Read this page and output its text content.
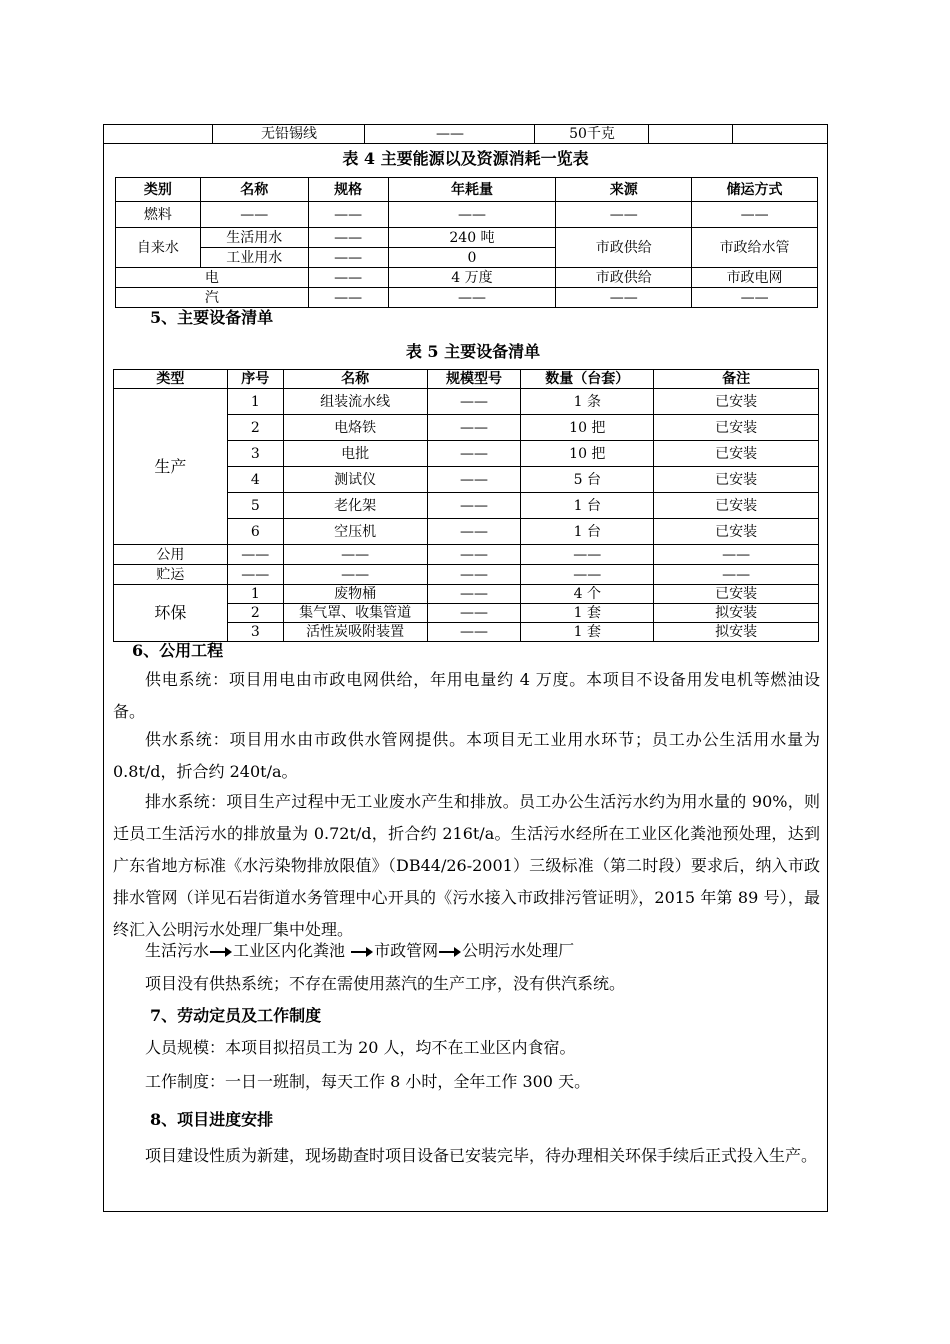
无铅锡线	——	50千克
表 4 主要能源以及资源消耗一览表
类别	名称	规格	年耗量	来源	储运方式
燃料	——	——	——	——	——
自来水	生活用水	——	240 吨	市政供给	市政给水管
	工业用水	——	0		
电		——	4 万度	市政供给	市政电网
汽		——	——	——	——
5、主要设备清单
表 5 主要设备清单
类型	序号	名称	规模型号	数量（台套）	备注
生产	1	组装流水线	——	1 条	已安装
	2	电烙铁	——	10 把	已安装
	3	电批	——	10 把	已安装
	4	测试仪	——	5 台	已安装
	5	老化架	——	1 台	已安装
	6	空压机	——	1 台	已安装
公用	——	——	——	——	——
贮运	——	——	——	——	——
环保	1	废物桶	——	4 个	已安装
	2	集气罩、收集管道	——	1 套	拟安装
	3	活性炭吸附装置	——	1 套	拟安装
6、公用工程
供电系统：项目用电由市政电网供给，年用电量约 4 万度。本项目不设备用发电机等燃油设备。
供水系统：项目用水由市政供水管网提供。本项目无工业用水环节；员工办公生活用水量为 0.8t/d，折合约 240t/a。
排水系统：项目生产过程中无工业废水产生和排放。员工办公生活污水约为用水量的 90%，则迁员工生活污水的排放量为 0.72t/d，折合约 216t/a。生活污水经所在工业区化粪池预处理，达到广东省地方标准《水污染物排放限值》（DB44/26-2001）三级标准（第二时段）要求后，纳入市政排水管网（详见石岩街道水务管理中心开具的《污水接入市政排污管证明》，2015 年第 89 号），最终汇入公明污水处理厂集中处理。
生活污水 工业区内化粪池 市政管网 公明污水处理厂
项目没有供热系统；不存在需使用蒸汽的生产工序，没有供汽系统。
7、劳动定员及工作制度
人员规模：本项目拟招员工为 20 人，均不在工业区内食宿。
工作制度：一日一班制，每天工作 8 小时，全年工作 300 天。
8、项目进度安排
项目建设性质为新建，现场勘查时项目设备已安装完毕，待办理相关环保手续后正式投入生产。
